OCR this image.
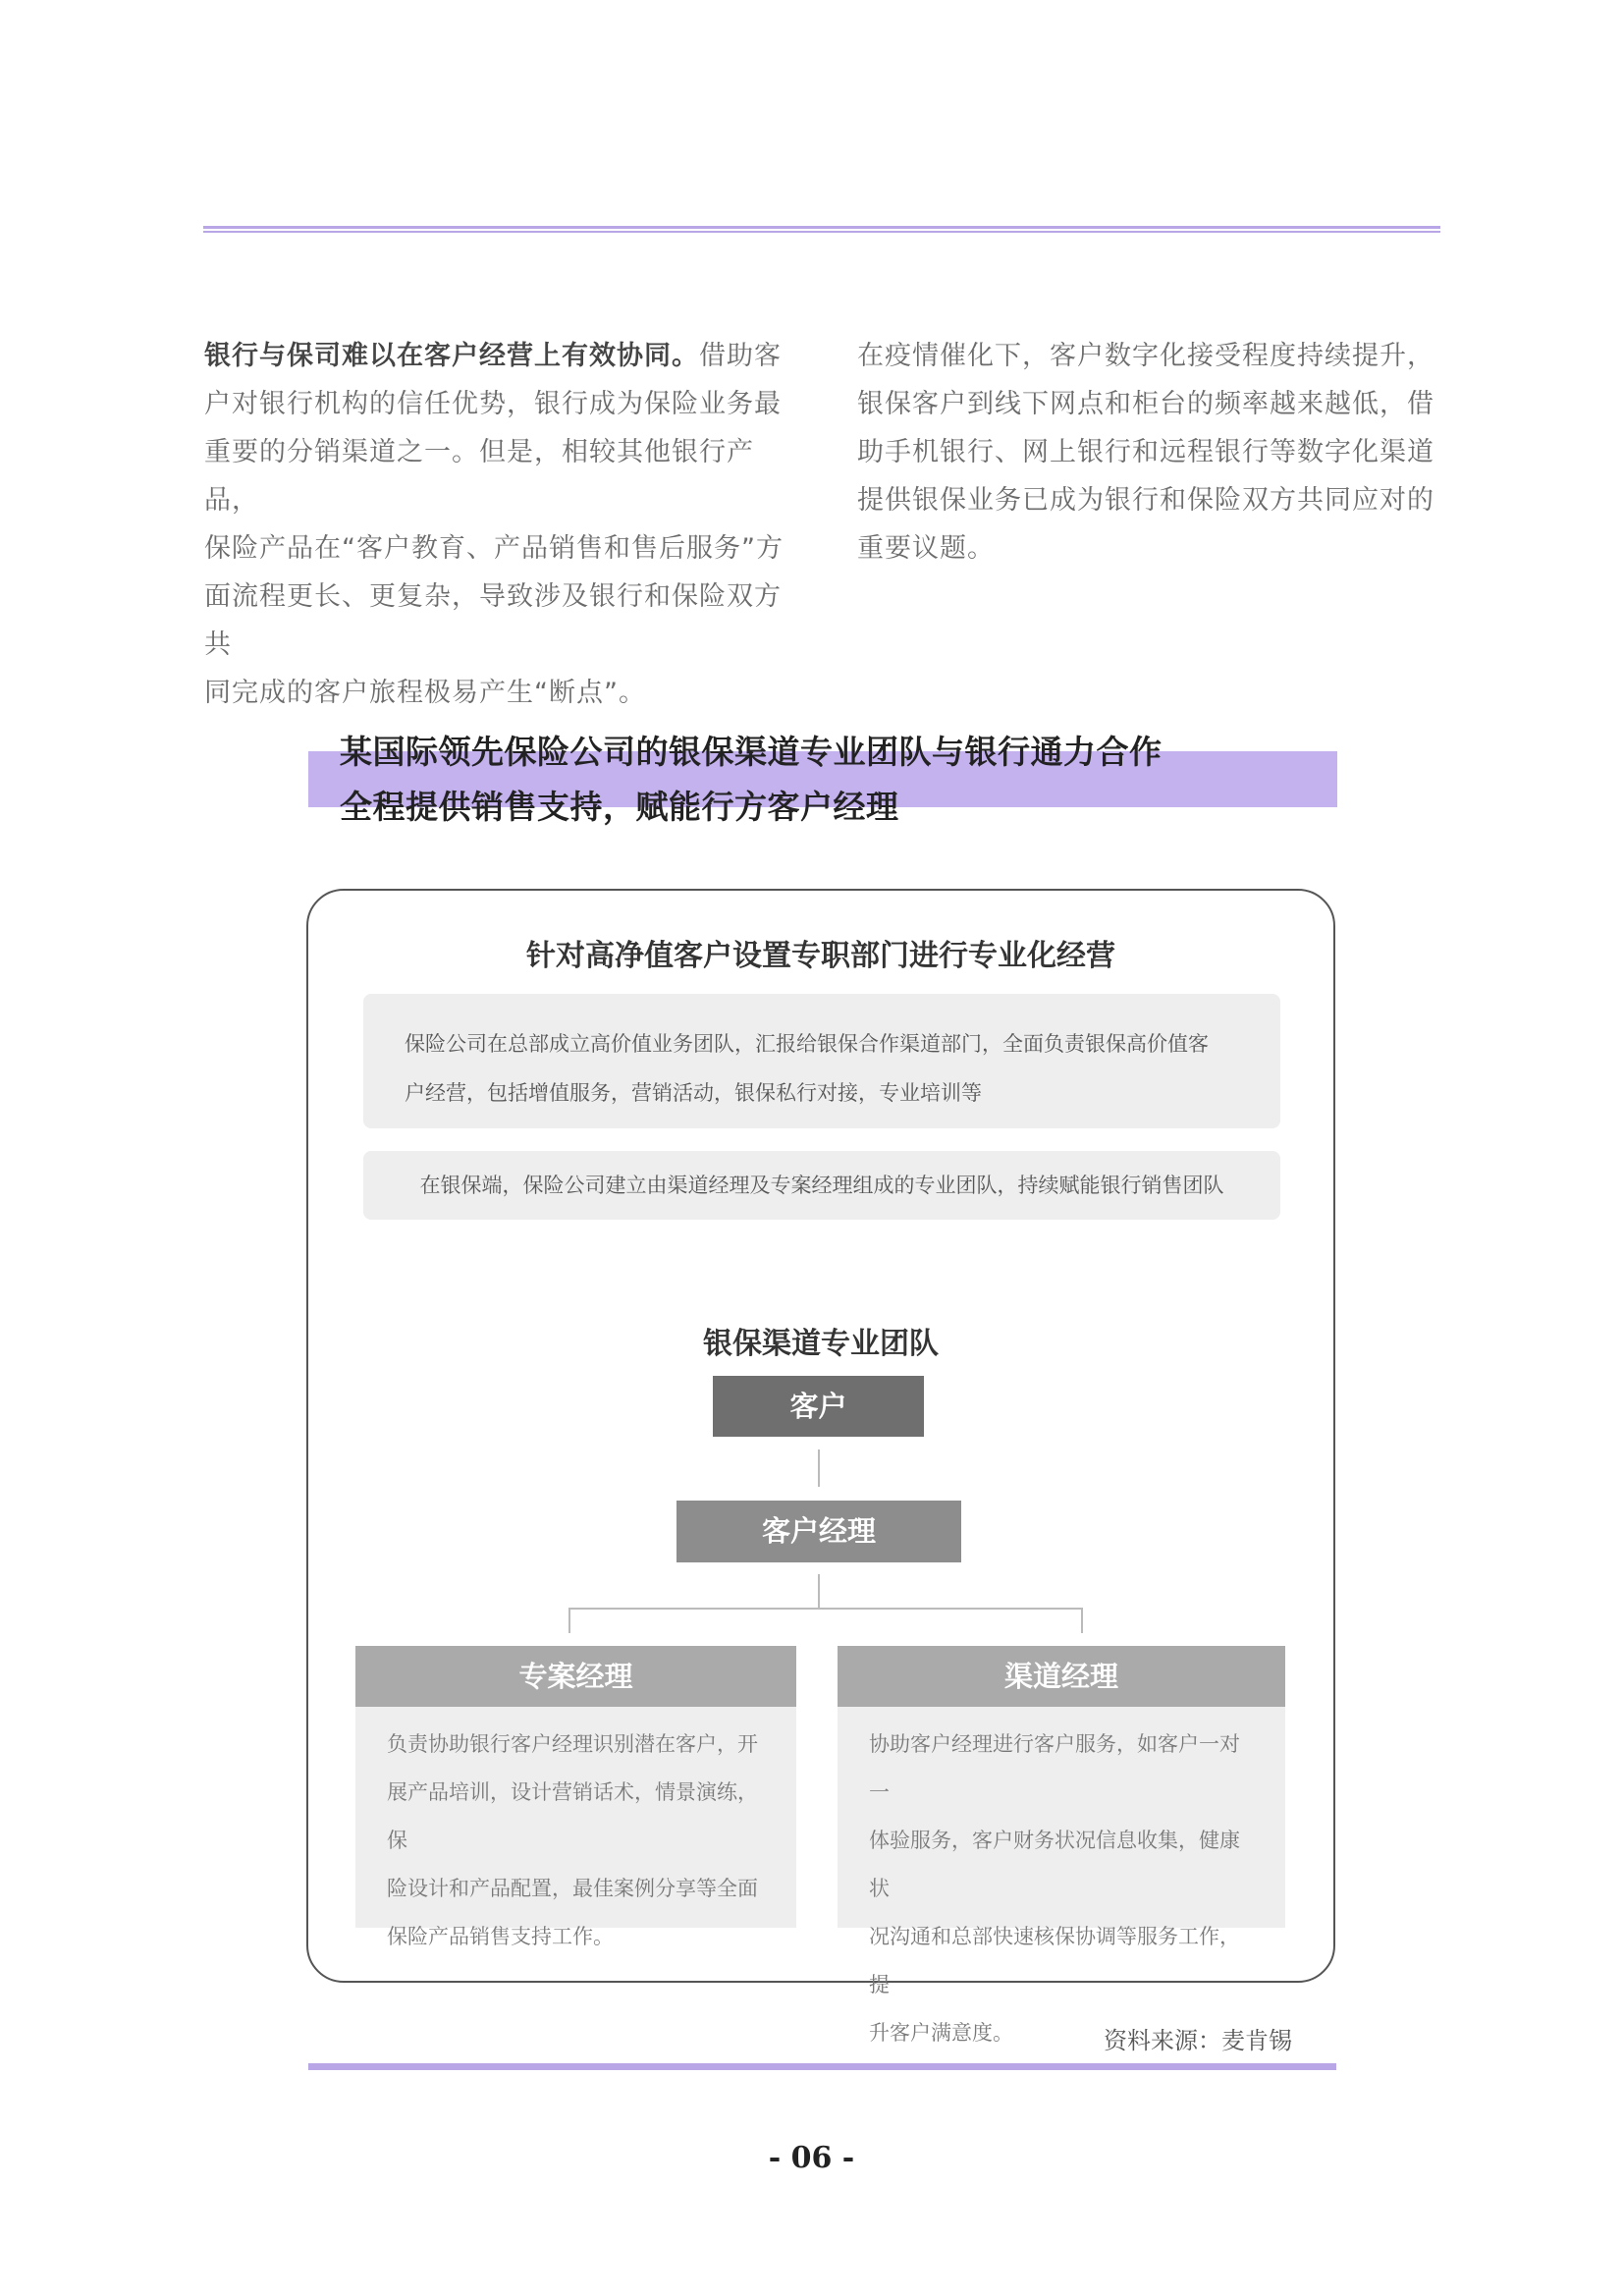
银行与保司难以在客户经营上有效协同。借助客
户对银行机构的信任优势，银行成为保险业务最
重要的分销渠道之一。但是，相较其他银行产品，
保险产品在“客户教育、产品销售和售后服务”方
面流程更长、更复杂，导致涉及银行和保险双方共
同完成的客户旅程极易产生“断点”。
在疫情催化下，客户数字化接受程度持续提升，
银保客户到线下网点和柜台的频率越来越低，借
助手机银行、网上银行和远程银行等数字化渠道
提供银保业务已成为银行和保险双方共同应对的
重要议题。
某国际领先保险公司的银保渠道专业团队与银行通力合作
全程提供销售支持，赋能行方客户经理
针对高净值客户设置专职部门进行专业化经营
保险公司在总部成立高价值业务团队，汇报给银保合作渠道部门，全面负责银保高价值客
户经营，包括增值服务，营销活动，银保私行对接，专业培训等
在银保端，保险公司建立由渠道经理及专案经理组成的专业团队，持续赋能银行销售团队
银保渠道专业团队
客户
客户经理
专案经理
负责协助银行客户经理识别潜在客户，开
展产品培训，设计营销话术，情景演练，保
险设计和产品配置，最佳案例分享等全面
保险产品销售支持工作。
渠道经理
协助客户经理进行客户服务，如客户一对一
体验服务，客户财务状况信息收集，健康状
况沟通和总部快速核保协调等服务工作，提
升客户满意度。	资料来源：麦肯锡
- 06 -
